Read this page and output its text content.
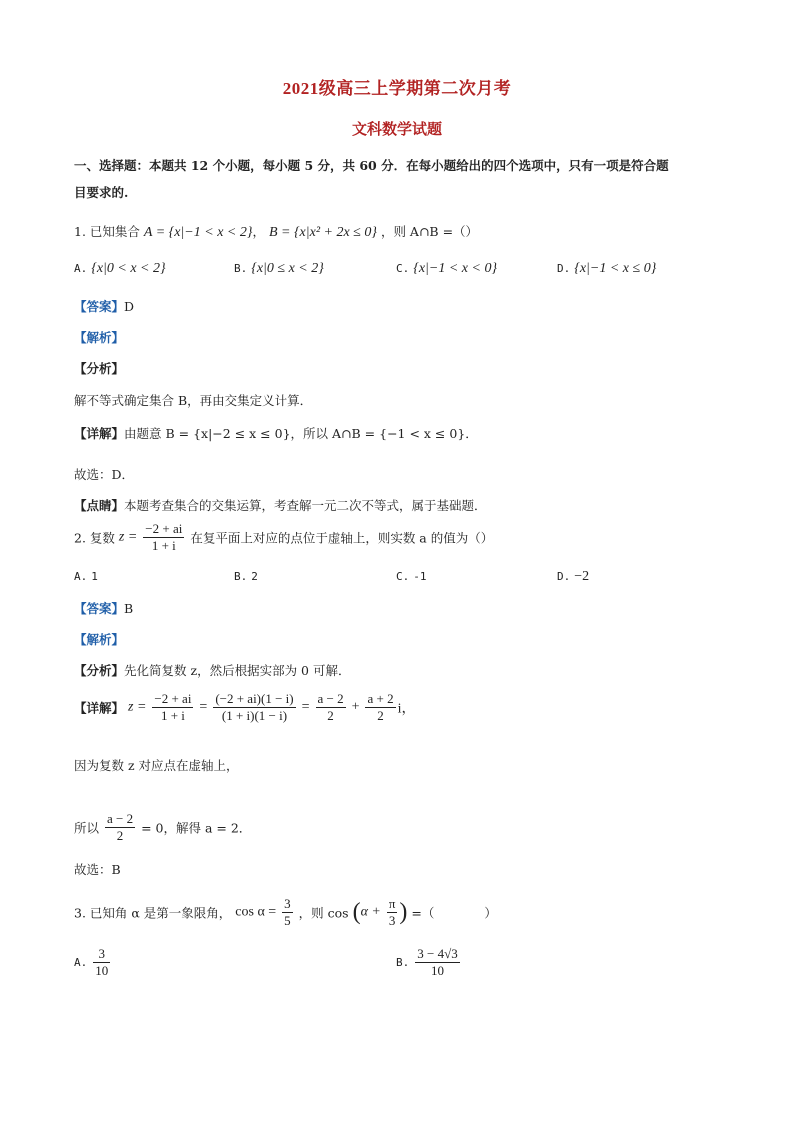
2021级高三上学期第二次月考
文科数学试题
一、选择题：本题共 12 个小题，每小题 5 分，共 60 分．在每小题给出的四个选项中，只有一项是符合题
目要求的.
1. 已知集合 A = {x|−1 < x < 2}， B = {x|x² + 2x ≤ 0} ，则 A∩B =（）
A. {x|0 < x < 2}	B. {x|0 ≤ x < 2}	C. {x|−1 < x < 0}	D. {x|−1 < x ≤ 0}
【答案】D
【解析】
【分析】
解不等式确定集合 B，再由交集定义计算．
【详解】由题意 B = {x|−2 ≤ x ≤ 0}，所以 A∩B = {−1 < x ≤ 0}．
故选：D．
【点睛】本题考查集合的交集运算，考查解一元二次不等式，属于基础题．
2. 复数 $z = \frac{-2 + ai}{1 + i}$ 在复平面上对应的点位于虚轴上，则实数 a 的值为（）
A. 1	B. 2	C. -1	D. −2
【答案】B
【解析】
【分析】先化简复数 z，然后根据实部为 0 可解．
【详解】 $z = \frac{-2 + ai}{1 + i} = \frac{(-2 + ai)(1 - i)}{(1 + i)(1 - i)} = \frac{a - 2}{2} + \frac{a + 2}{2}$ i，
因为复数 z 对应点在虚轴上，
所以 $\frac{a - 2}{2} = 0$，解得 a = 2．
故选：B
3. 已知角 α 是第一象限角， $\cos \alpha = \frac{3}{5}$ ，则 $\cos (\alpha + \frac{\pi}{3}$ ) =（　　　　）
A. $\frac{3}{10}$	B. $\frac{3 - 4√3}{10}$
